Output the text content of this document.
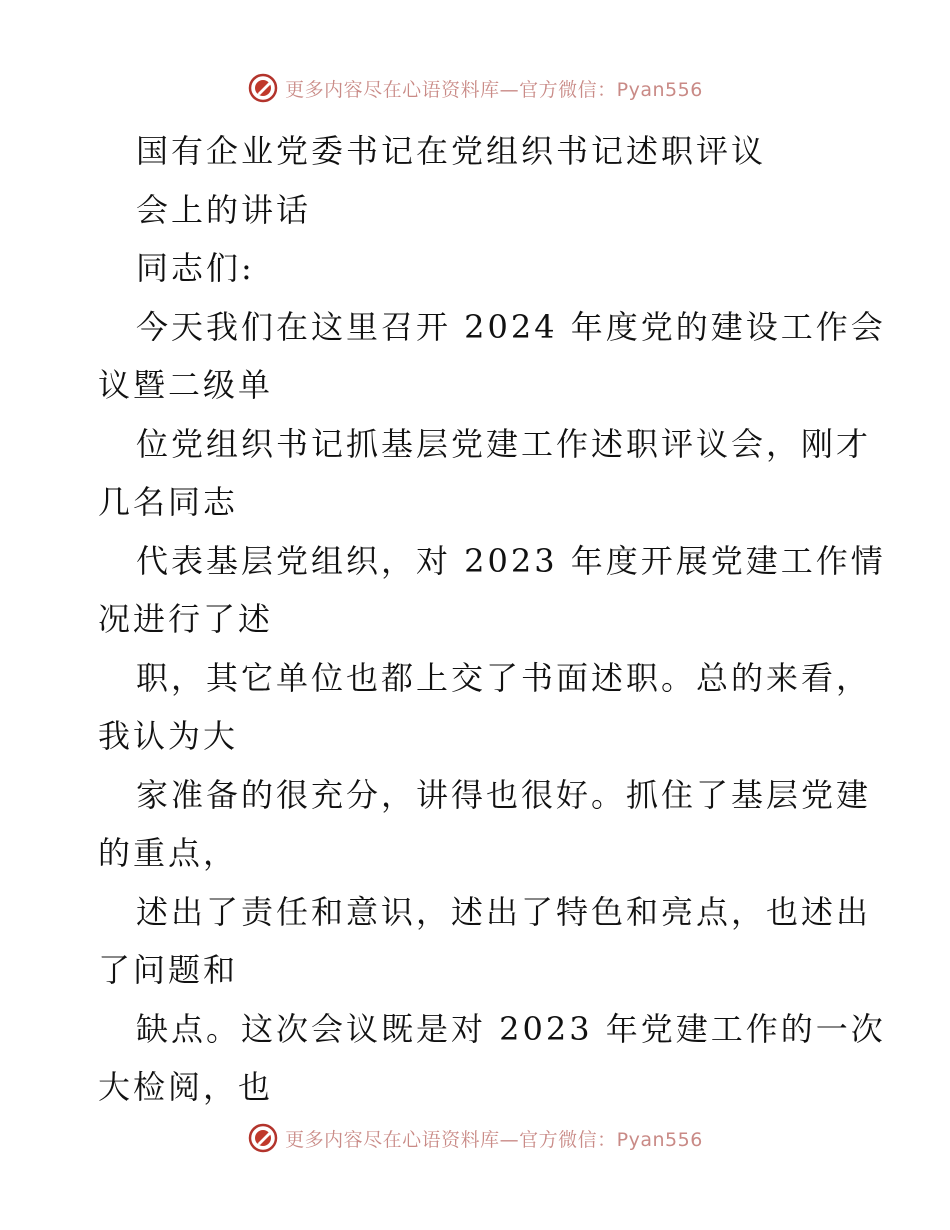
更多内容尽在心语资料库—官方微信：Pyan556
国有企业党委书记在党组织书记述职评议
会上的讲话
同志们:
今天我们在这里召开 2024 年度党的建设工作会
议暨二级单
位党组织书记抓基层党建工作述职评议会，刚才
几名同志
代表基层党组织，对 2023 年度开展党建工作情
况进行了述
职，其它单位也都上交了书面述职。总的来看，
我认为大
家准备的很充分，讲得也很好。抓住了基层党建
的重点，
述出了责任和意识，述出了特色和亮点，也述出
了问题和
缺点。这次会议既是对 2023 年党建工作的一次
大检阅，也
更多内容尽在心语资料库—官方微信：Pyan556
